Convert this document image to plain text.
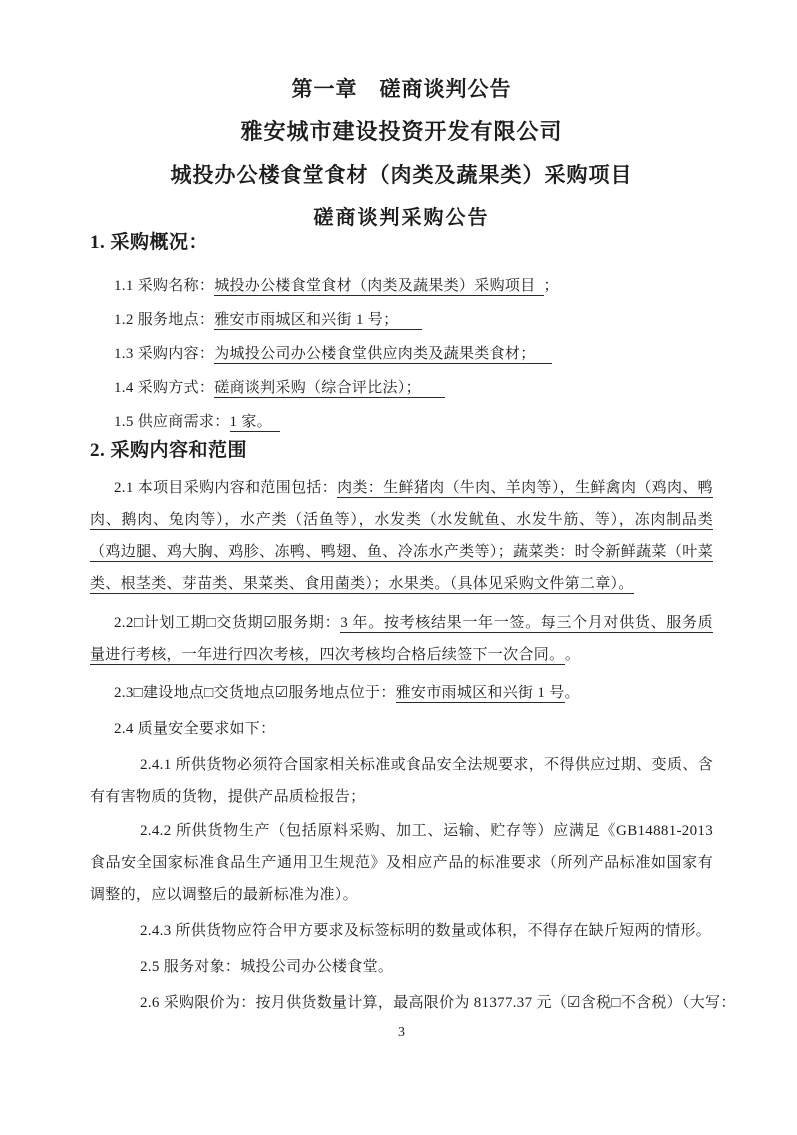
第一章　磋商谈判公告

雅安城市建设投资开发有限公司

城投办公楼食堂食材（肉类及蔬果类）采购项目

磋商谈判采购公告

1. 采购概况：

1.1 采购名称：城投办公楼食堂食材（肉类及蔬果类）采购项目 ；

1.2 服务地点：雅安市雨城区和兴街 1 号；

1.3 采购内容：为城投公司办公楼食堂供应肉类及蔬果类食材；

1.4 采购方式：磋商谈判采购（综合评比法）；

1.5 供应商需求：1 家。

2. 采购内容和范围

2.1 本项目采购内容和范围包括：肉类：生鲜猪肉（牛肉、羊肉等），生鲜禽肉（鸡肉、鸭肉、鹅肉、兔肉等），水产类（活鱼等），水发类（水发鱿鱼、水发牛筋、等），冻肉制品类（鸡边腿、鸡大胸、鸡胗、冻鸭、鸭翅、鱼、冷冻水产类等）；蔬菜类：时令新鲜蔬菜（叶菜类、根茎类、芽苗类、果菜类、食用菌类）；水果类。（具体见采购文件第二章）。

2.2□计划工期□交货期☑服务期：3 年。按考核结果一年一签。每三个月对供货、服务质量进行考核，一年进行四次考核，四次考核均合格后续签下一次合同。 。

2.3□建设地点□交货地点☑服务地点位于：雅安市雨城区和兴街 1 号。

2.4 质量安全要求如下：

2.4.1 所供货物必须符合国家相关标准或食品安全法规要求，不得供应过期、变质、含有有害物质的货物，提供产品质检报告；

2.4.2 所供货物生产（包括原料采购、加工、运输、贮存等）应满足《GB14881-2013 食品安全国家标准食品生产通用卫生规范》及相应产品的标准要求（所列产品标准如国家有调整的，应以调整后的最新标准为准）。

2.4.3 所供货物应符合甲方要求及标签标明的数量或体积，不得存在缺斤短两的情形。

2.5 服务对象：城投公司办公楼食堂。

2.6 采购限价为：按月供货数量计算，最高限价为 81377.37 元（☑含税□不含税）（大写：

3
